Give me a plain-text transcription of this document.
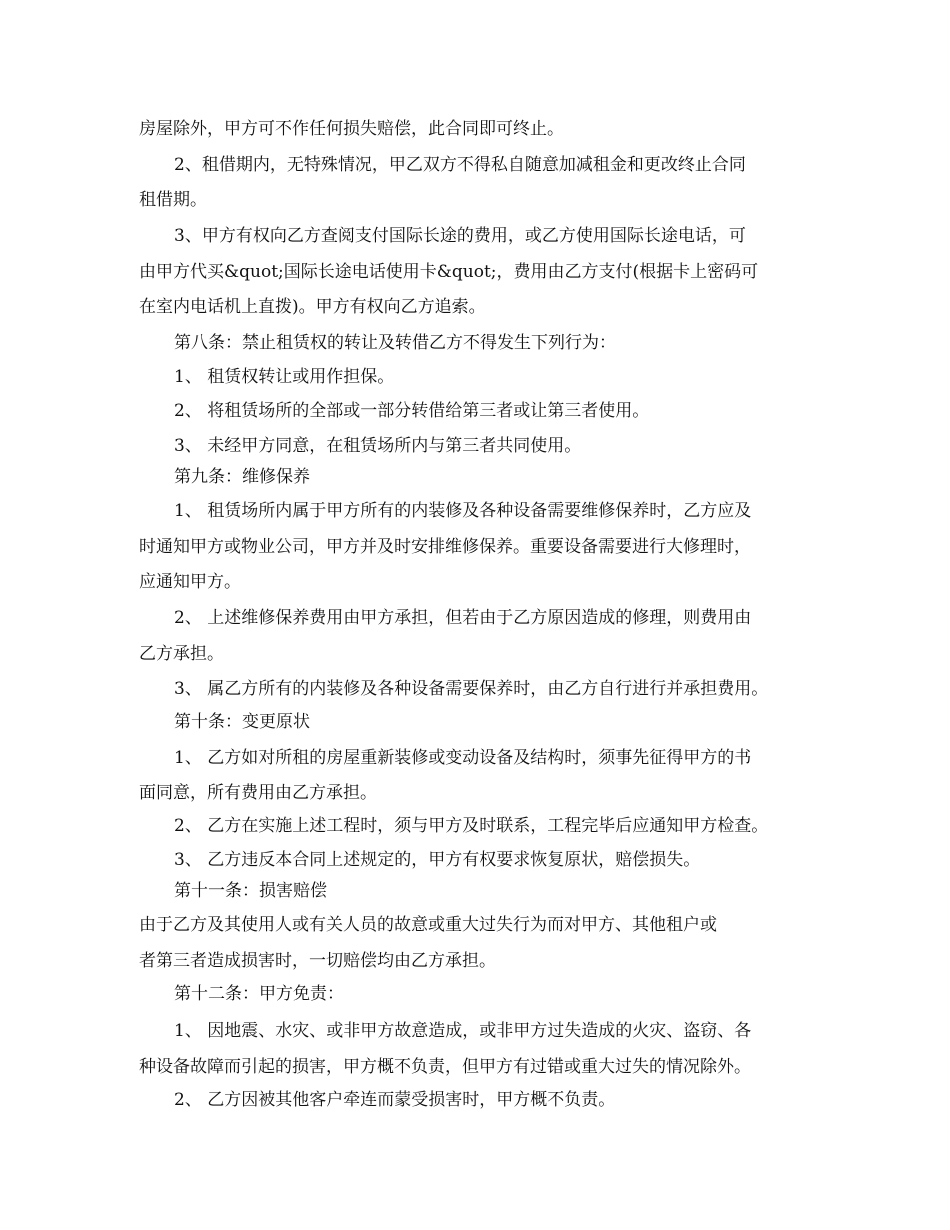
房屋除外，甲方可不作任何损失赔偿，此合同即可终止。
2、租借期内，无特殊情况，甲乙双方不得私自随意加减租金和更改终止合同
租借期。
3、甲方有权向乙方查阅支付国际长途的费用，或乙方使用国际长途电话，可
由甲方代买&quot;国际长途电话使用卡&quot;，费用由乙方支付(根据卡上密码可
在室内电话机上直拨)。甲方有权向乙方追索。
第八条：禁止租赁权的转让及转借乙方不得发生下列行为：
1、 租赁权转让或用作担保。
2、 将租赁场所的全部或一部分转借给第三者或让第三者使用。
3、 未经甲方同意，在租赁场所内与第三者共同使用。
第九条：维修保养
1、 租赁场所内属于甲方所有的内装修及各种设备需要维修保养时，乙方应及
时通知甲方或物业公司，甲方并及时安排维修保养。重要设备需要进行大修理时，
应通知甲方。
2、 上述维修保养费用由甲方承担，但若由于乙方原因造成的修理，则费用由
乙方承担。
3、 属乙方所有的内装修及各种设备需要保养时，由乙方自行进行并承担费用。
第十条：变更原状
1、 乙方如对所租的房屋重新装修或变动设备及结构时，须事先征得甲方的书
面同意，所有费用由乙方承担。
2、 乙方在实施上述工程时，须与甲方及时联系，工程完毕后应通知甲方检查。
3、 乙方违反本合同上述规定的，甲方有权要求恢复原状，赔偿损失。
第十一条：损害赔偿
由于乙方及其使用人或有关人员的故意或重大过失行为而对甲方、其他租户或
者第三者造成损害时，一切赔偿均由乙方承担。
第十二条：甲方免责：
1、 因地震、水灾、或非甲方故意造成，或非甲方过失造成的火灾、盗窃、各
种设备故障而引起的损害，甲方概不负责，但甲方有过错或重大过失的情况除外。
2、 乙方因被其他客户牵连而蒙受损害时，甲方概不负责。
